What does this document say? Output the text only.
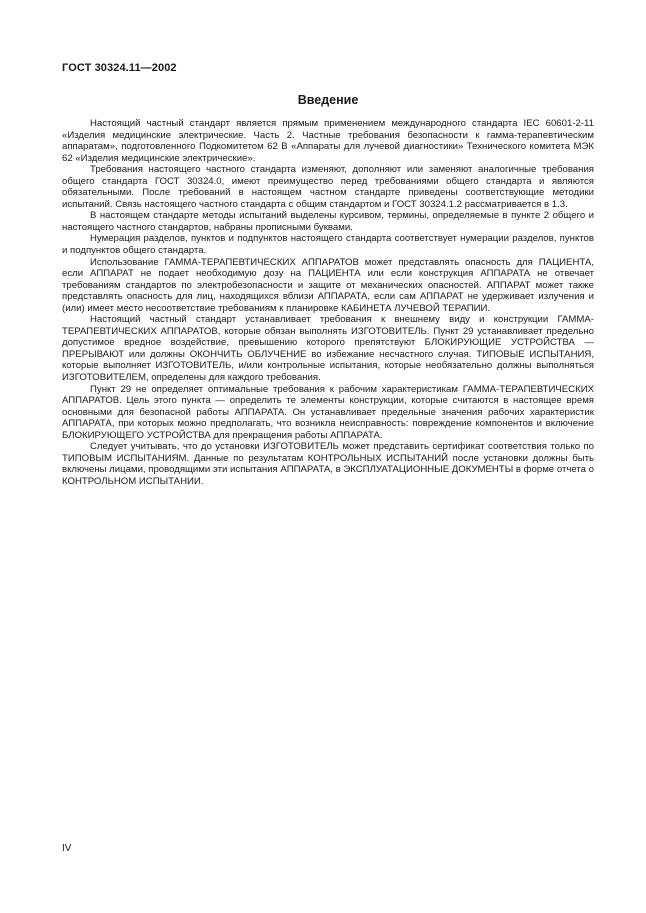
ГОСТ 30324.11—2002
Введение

Настоящий частный стандарт является прямым применением международного стандарта IEC 60601-2-11 «Изделия медицинские электрические. Часть 2. Частные требования безопасности к гамма-терапевтическим аппаратам», подготовленного Подкомитетом 62 В «Аппараты для лучевой диагностики» Технического комитета МЭК 62 «Изделия медицинские электрические».

Требования настоящего частного стандарта изменяют, дополняют или заменяют аналогичные требования общего стандарта ГОСТ 30324.0, имеют преимущество перед требованиями общего стандарта и являются обязательными. После требований в настоящем частном стандарте приведены соответствующие методики испытаний. Связь настоящего частного стандарта с общим стандартом и ГОСТ 30324.1.2 рассматривается в 1.3.

В настоящем стандарте методы испытаний выделены курсивом, термины, определяемые в пункте 2 общего и настоящего частного стандартов, набраны прописными буквами.

Нумерация разделов, пунктов и подпунктов настоящего стандарта соответствует нумерации разделов, пунктов и подпунктов общего стандарта.

Использование ГАММА-ТЕРАПЕВТИЧЕСКИХ АППАРАТОВ может представлять опасность для ПАЦИЕНТА, если АППАРАТ не подает необходимую дозу на ПАЦИЕНТА или если конструкция АППАРАТА не отвечает требованиям стандартов по электробезопасности и защите от механических опасностей. АППАРАТ может также представлять опасность для лиц, находящихся вблизи АППАРАТА, если сам АППАРАТ не удерживает излучения и (или) имеет место несоответствие требованиям к планировке КАБИНЕТА ЛУЧЕВОЙ ТЕРАПИИ.

Настоящий частный стандарт устанавливает требования к внешнему виду и конструкции ГАММА-ТЕРАПЕВТИЧЕСКИХ АППАРАТОВ, которые обязан выполнять ИЗГОТОВИТЕЛЬ. Пункт 29 устанавливает предельно допустимое вредное воздействие, превышению которого препятствуют БЛОКИРУЮЩИЕ УСТРОЙСТВА — ПРЕРЫВАЮТ или должны ОКОНЧИТЬ ОБЛУЧЕНИЕ во избежание несчастного случая. ТИПОВЫЕ ИСПЫТАНИЯ, которые выполняет ИЗГОТОВИТЕЛЬ, и/или контрольные испытания, которые необязательно должны выполняться ИЗГОТОВИТЕЛЕМ, определены для каждого требования.

Пункт 29 не определяет оптимальные требования к рабочим характеристикам ГАММА-ТЕРАПЕВТИЧЕСКИХ АППАРАТОВ. Цель этого пункта — определить те элементы конструкции, которые считаются в настоящее время основными для безопасной работы АППАРАТА. Он устанавливает предельные значения рабочих характеристик АППАРАТА, при которых можно предполагать, что возникла неисправность: повреждение компонентов и включение БЛОКИРУЮЩЕГО УСТРОЙСТВА для прекращения работы АППАРАТА.

Следует учитывать, что до установки ИЗГОТОВИТЕЛЬ может представить сертификат соответствия только по ТИПОВЫМ ИСПЫТАНИЯМ. Данные по результатам КОНТРОЛЬНЫХ ИСПЫТАНИЙ после установки должны быть включены лицами, проводящими эти испытания АППАРАТА, в ЭКСПЛУАТАЦИОННЫЕ ДОКУМЕНТЫ в форме отчета о КОНТРОЛЬНОМ ИСПЫТАНИИ.

IV
